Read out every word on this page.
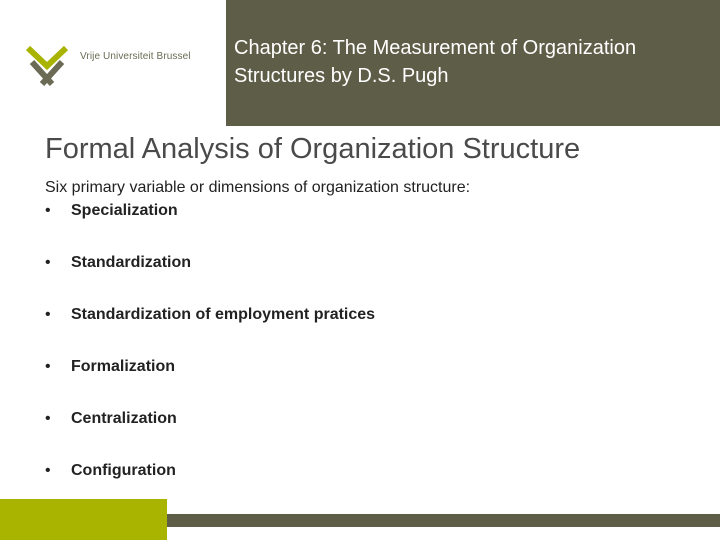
Vrije Universiteit Brussel Chapter 6: The Measurement of Organization Structures by D.S. Pugh
Formal Analysis of Organization Structure
Six primary variable or dimensions of organization structure:
• Specialization
• Standardization
• Standardization of employment pratices
• Formalization
• Centralization
• Configuration
